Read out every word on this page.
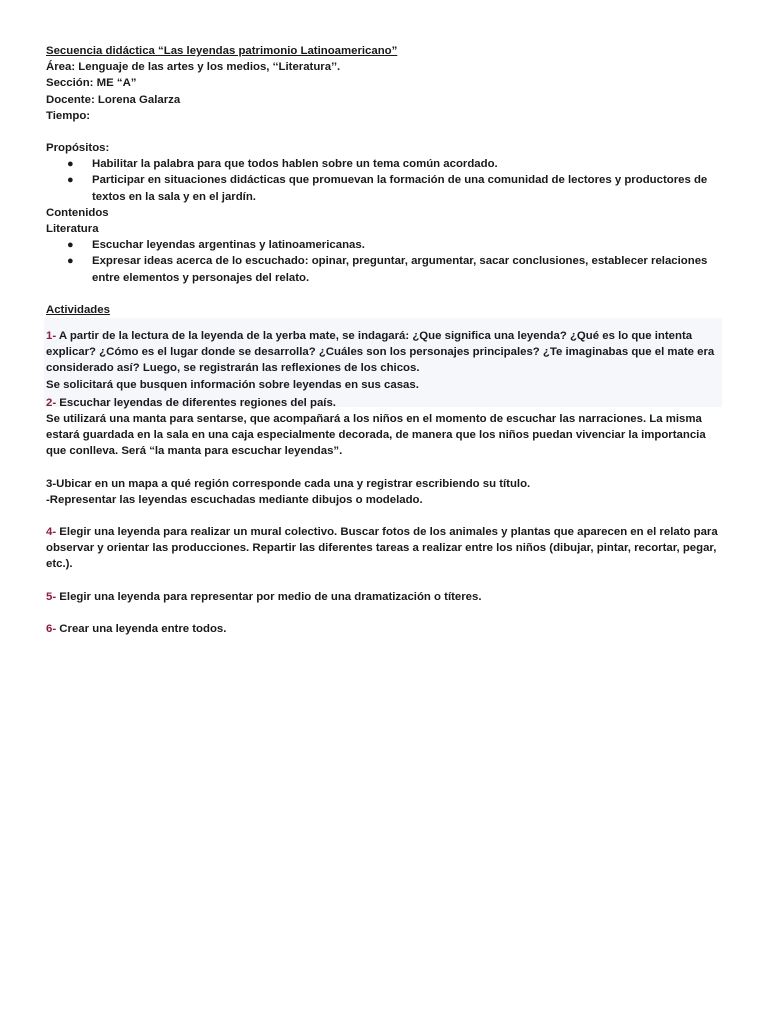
Secuencia didáctica “Las leyendas patrimonio Latinoamericano”
Área: Lenguaje de las artes y los medios, ‘‘Literatura’’.
Sección: ME “A”
Docente: Lorena Galarza
Tiempo:
Propósitos:
● Habilitar la palabra para que todos hablen sobre un tema común acordado.
● Participar en situaciones didácticas que promuevan la formación de una comunidad de lectores y productores de textos en la sala y en el jardín.
Contenidos
Literatura
● Escuchar leyendas argentinas y latinoamericanas.
● Expresar ideas acerca de lo escuchado: opinar, preguntar, argumentar, sacar conclusiones, establecer relaciones entre elementos y personajes del relato.
Actividades

1- A partir de la lectura de la leyenda de la yerba mate, se indagará: ¿Que significa una leyenda? ¿Qué es lo que intenta explicar? ¿Cómo es el lugar donde se desarrolla? ¿Cuáles son los personajes principales? ¿Te imaginabas que el mate era considerado así? Luego, se registrarán las reflexiones de los chicos.

Se solicitará que busquen información sobre leyendas en sus casas.

2- Escuchar leyendas de diferentes regiones del país.

Se utilizará una manta para sentarse, que acompañará a los niños en el momento de escuchar las narraciones. La misma estará guardada en la sala en una caja especialmente decorada, de manera que los niños puedan vivenciar la importancia que conlleva. Será “la manta para escuchar leyendas”.

3-Ubicar en un mapa a qué región corresponde cada una y registrar escribiendo su título.

-Representar las leyendas escuchadas mediante dibujos o modelado.

4- Elegir una leyenda para realizar un mural colectivo. Buscar fotos de los animales y plantas que aparecen en el relato para observar y orientar las producciones. Repartir las diferentes tareas a realizar entre los niños (dibujar, pintar, recortar, pegar, etc.).

5- Elegir una leyenda para representar por medio de una dramatización o títeres.

6- Crear una leyenda entre todos.
